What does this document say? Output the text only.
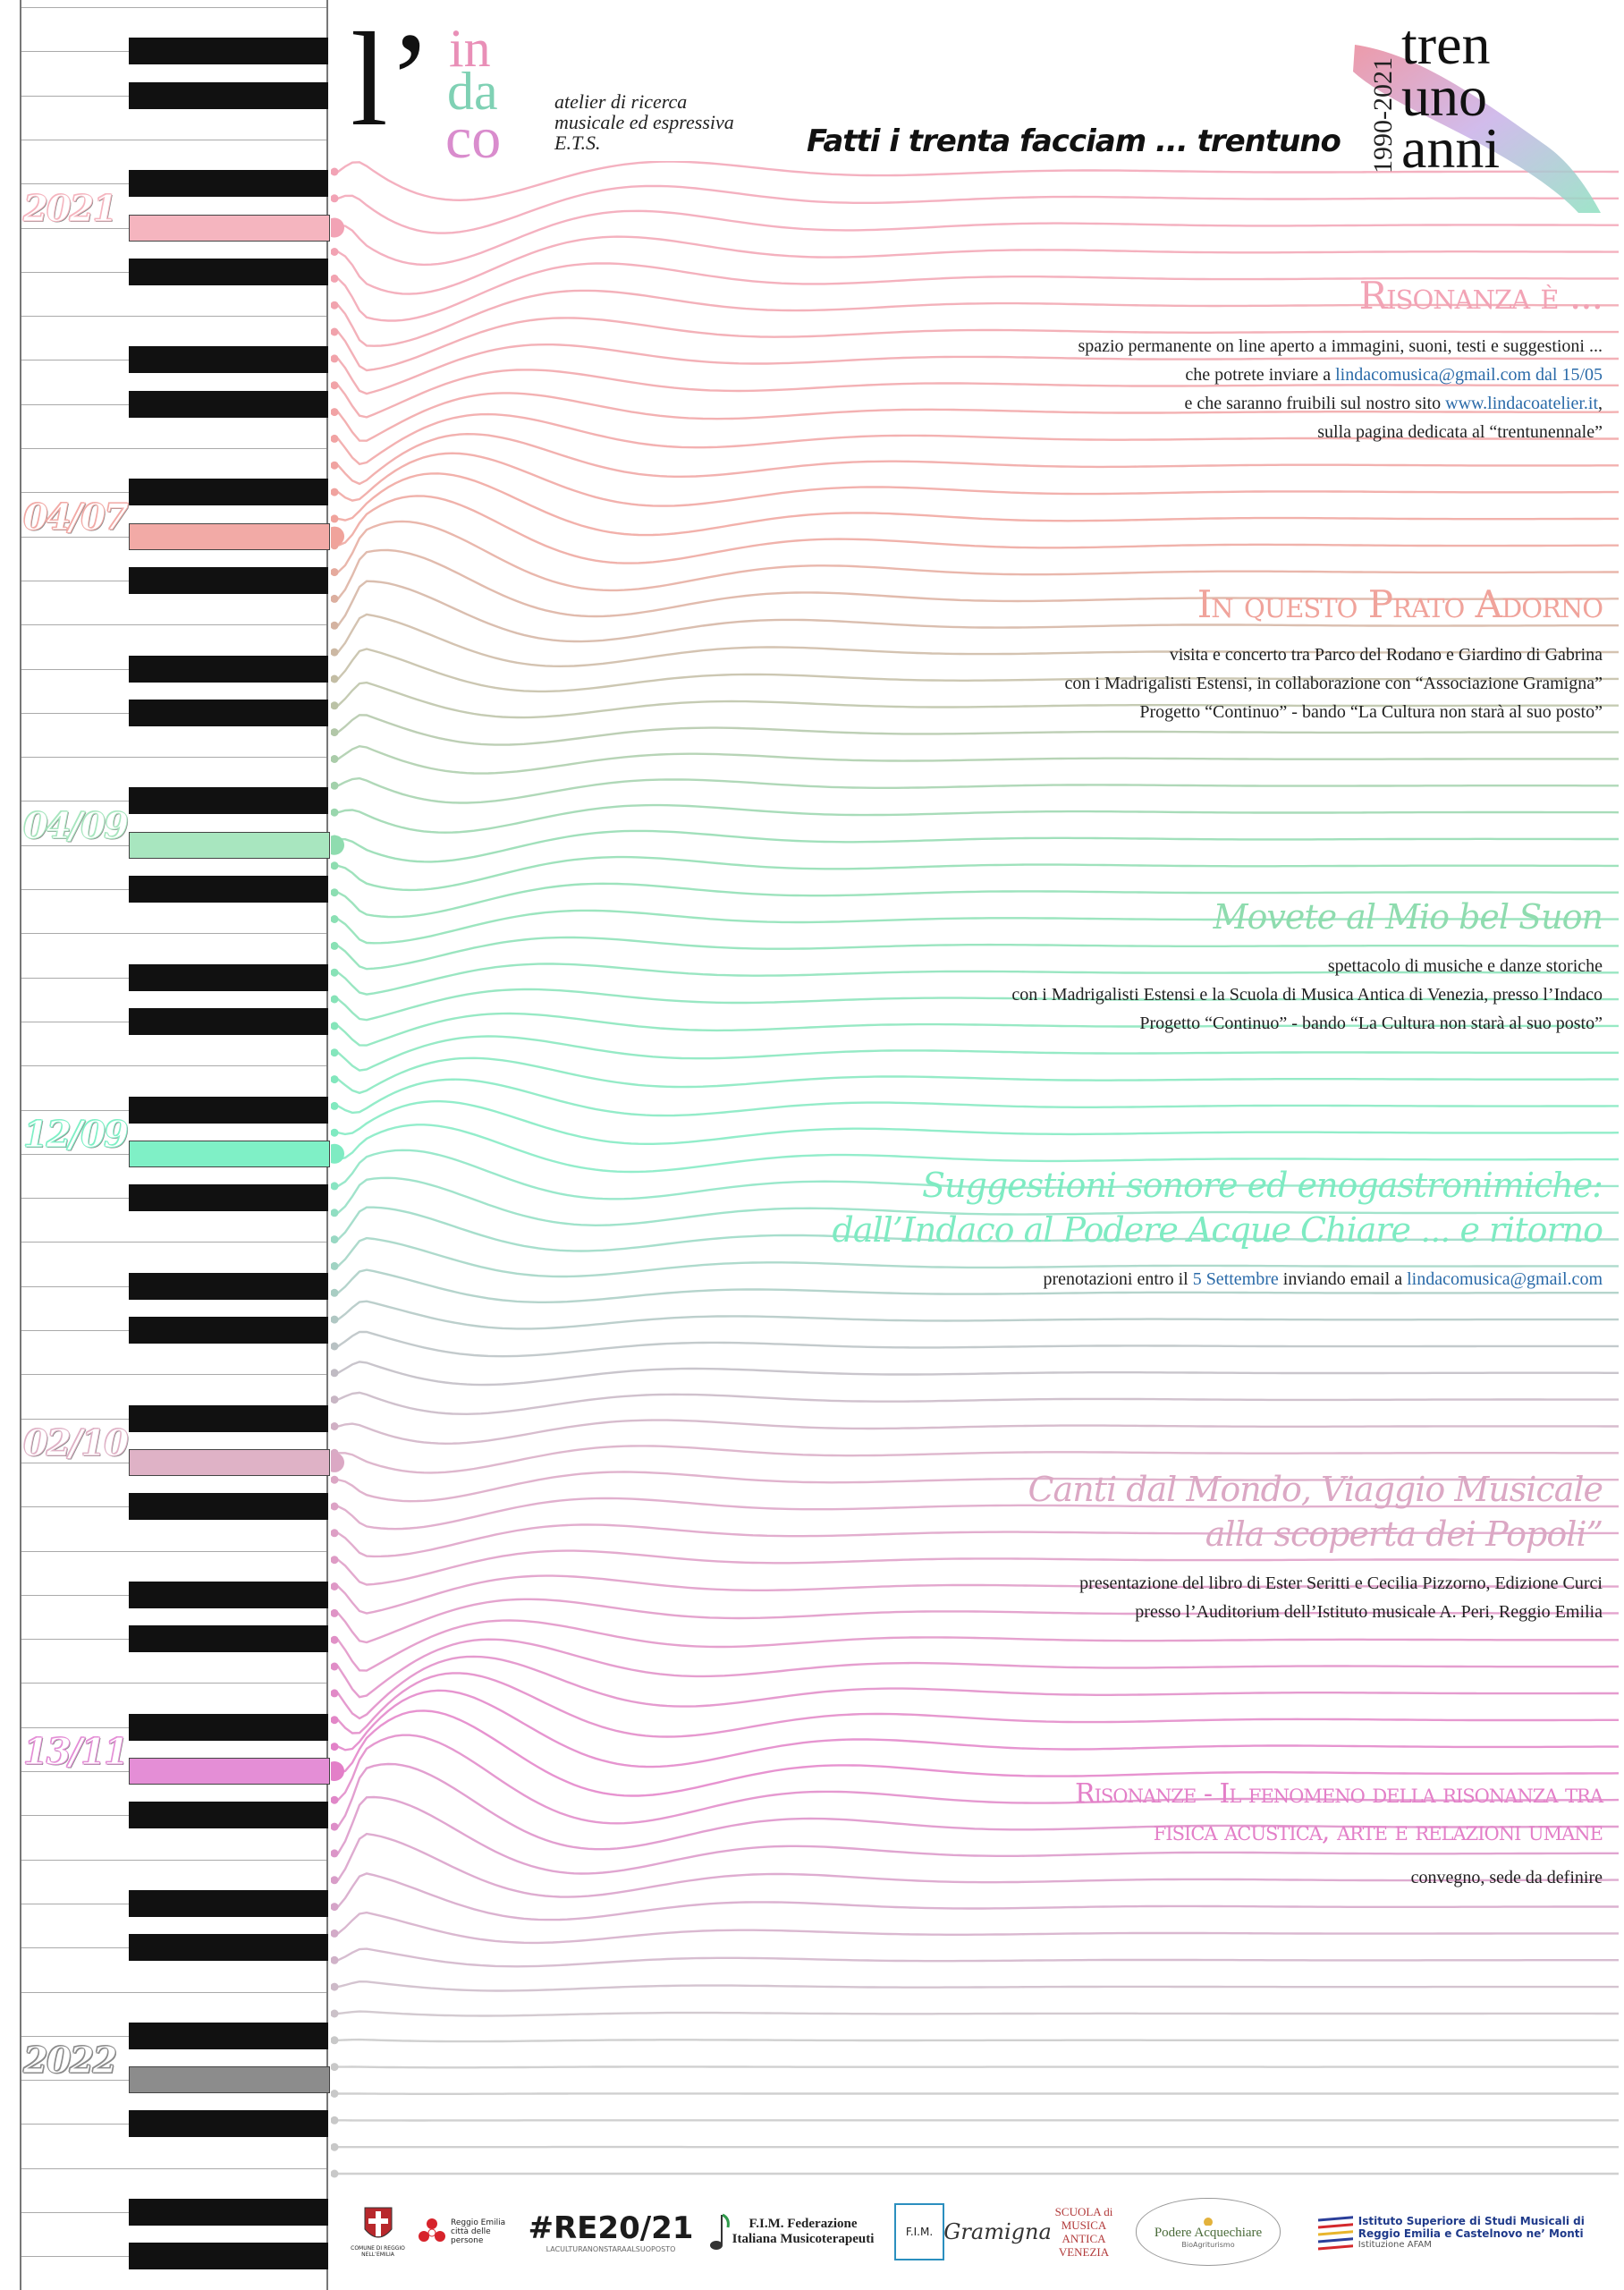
2021
04/07
04/09
12/09
02/10
13/11
2022
l’ in
da
co
atelier di ricerca
musicale ed espressiva
E.T.S.	Fatti i trenta facciam ... trentuno 1990-2021
tren
uno
anni
Risonanza è ...
spazio permanente on line aperto a immagini, suoni, testi e suggestioni ...
che potrete inviare a lindacomusica@gmail.com dal 15/05
e che saranno fruibili sul nostro sito www.lindacoatelier.it,
sulla pagina dedicata al “trentunennale”
In questo Prato Adorno
visita e concerto tra Parco del Rodano e Giardino di Gabrina
con i Madrigalisti Estensi, in collaborazione con “Associazione Gramigna”
Progetto “Continuo” - bando “La Cultura non starà al suo posto”
Movete al Mio bel Suon
spettacolo di musiche e danze storiche
con i Madrigalisti Estensi e la Scuola di Musica Antica di Venezia, presso l’Indaco
Progetto “Continuo” - bando “La Cultura non starà al suo posto”
Suggestioni sonore ed enogastronimiche:
dall’Indaco al Podere Acque Chiare ... e ritorno
prenotazioni entro il 5 Settembre inviando email a lindacomusica@gmail.com
Canti dal Mondo, Viaggio Musicale
alla scoperta dei Popoli”
presentazione del libro di Ester Seritti e Cecilia Pizzorno, Edizione Curci
presso l’Auditorium dell’Istituto musicale A. Peri, Reggio Emilia
Risonanze - Il fenomeno della risonanza tra
fisica acustica, arte e relazioni umane
convegno, sede da definire
COMUNE DI REGGIO NELL’EMILIA
Reggio Emilia città delle persone	#RE20/21
LACULTURANONSTARAALSUOPOSTO
F.I.M. Federazione Italiana Musicoterapeuti	F.I.M. Gramigna
SCUOLA di MUSICA ANTICA VENEZIA
Podere Acquechiare
BioAgriturismo
Istituto Superiore di Studi Musicali di Reggio Emilia e Castelnovo ne’ Monti
Istituzione AFAM
